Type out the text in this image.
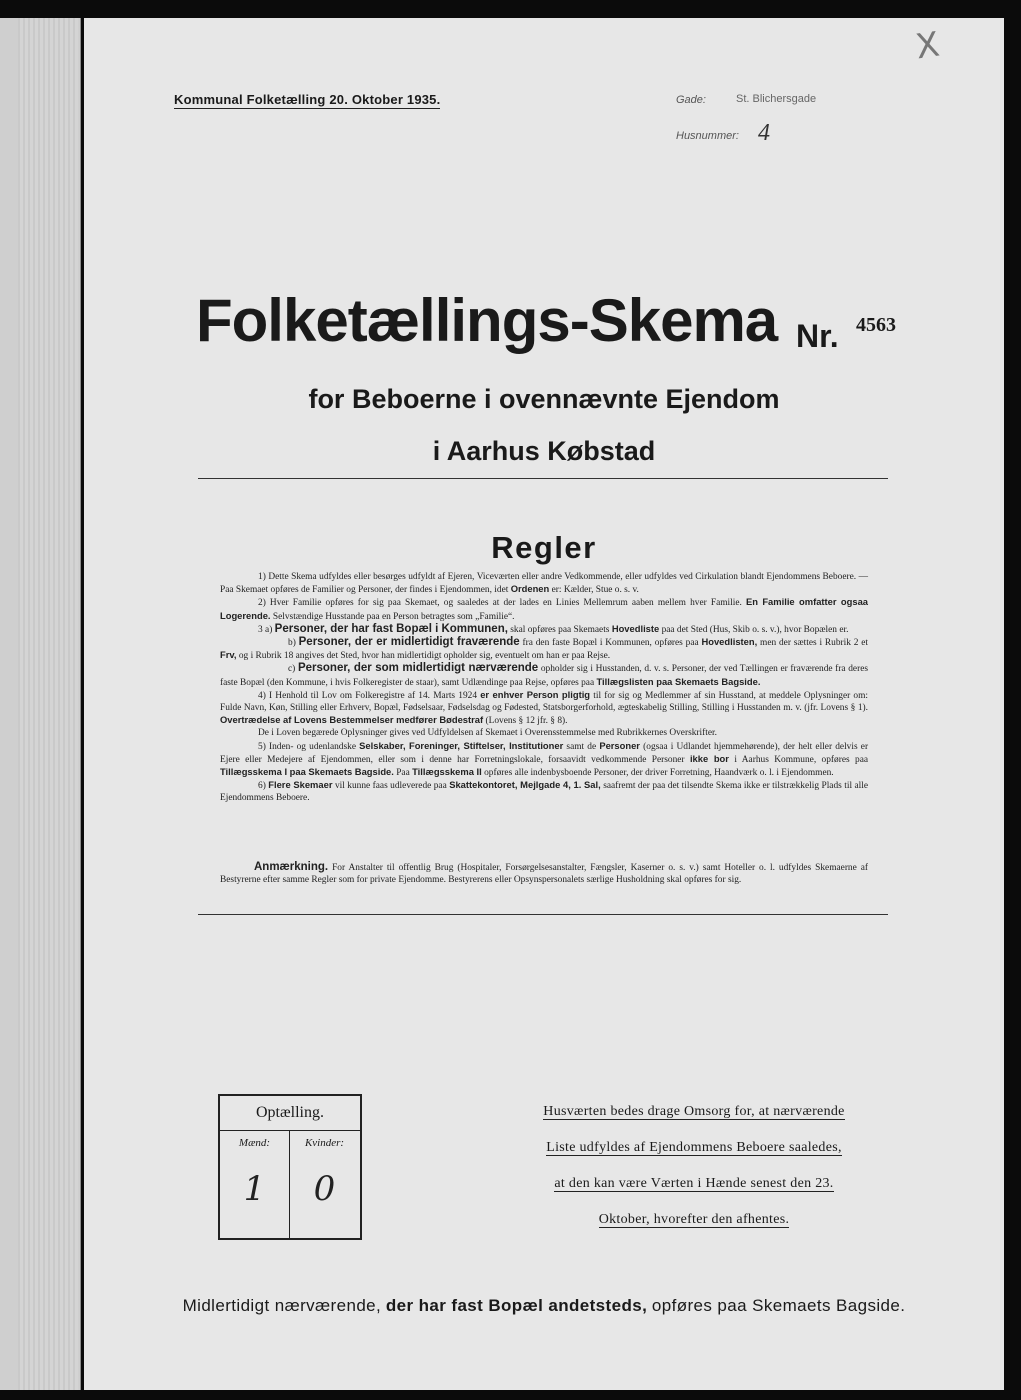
Kommunal Folketælling 20. Oktober 1935.	Gade:	St. Blichersgade
Husnummer: 4
X
Folketællings-Skema Nr. 4563
for Beboerne i ovennævnte Ejendom
i Aarhus Købstad
Regler

1) Dette Skema udfyldes eller besørges udfyldt af Ejeren, Viceværten eller andre Vedkommende, eller udfyldes ved Cirkulation blandt Ejendommens Beboere. — Paa Skemaet opføres de Familier og Personer, der findes i Ejendommen, idet Ordenen er: Kælder, Stue o. s. v.

2) Hver Familie opføres for sig paa Skemaet, og saaledes at der lades en Linies Mellemrum aaben mellem hver Familie. En Familie omfatter ogsaa Logerende. Selvstændige Husstande paa en Person betragtes som „Familie“.

3 a) Personer, der har fast Bopæl i Kommunen, skal opføres paa Skemaets Hovedliste paa det Sted (Hus, Skib o. s. v.), hvor Bopælen er.

b) Personer, der er midlertidigt fraværende fra den faste Bopæl i Kommunen, opføres paa Hovedlisten, men der sættes i Rubrik 2 et Frv, og i Rubrik 18 angives det Sted, hvor han midlertidigt opholder sig, eventuelt om han er paa Rejse.

c) Personer, der som midlertidigt nærværende opholder sig i Husstanden, d. v. s. Personer, der ved Tællingen er fraværende fra deres faste Bopæl (den Kommune, i hvis Folkeregister de staar), samt Udlændinge paa Rejse, opføres paa Tillægslisten paa Skemaets Bagside.

4) I Henhold til Lov om Folkeregistre af 14. Marts 1924 er enhver Person pligtig til for sig og Medlemmer af sin Husstand, at meddele Oplysninger om: Fulde Navn, Køn, Stilling eller Erhverv, Bopæl, Fødselsaar, Fødselsdag og Fødested, Statsborgerforhold, ægteskabelig Stilling, Stilling i Husstanden m. v. (jfr. Lovens § 1). Overtrædelse af Lovens Bestemmelser medfører Bødestraf (Lovens § 12 jfr. § 8).

De i Loven begærede Oplysninger gives ved Udfyldelsen af Skemaet i Overensstemmelse med Rubrikkernes Overskrifter.

5) Inden- og udenlandske Selskaber, Foreninger, Stiftelser, Institutioner samt de Personer (ogsaa i Udlandet hjemmehørende), der helt eller delvis er Ejere eller Medejere af Ejendommen, eller som i denne har Forretningslokale, forsaavidt vedkommende Personer ikke bor i Aarhus Kommune, opføres paa Tillægsskema I paa Skemaets Bagside. Paa Tillægsskema II opføres alle indenbysboende Personer, der driver Forretning, Haandværk o. l. i Ejendommen.

6) Flere Skemaer vil kunne faas udleverede paa Skattekontoret, Mejlgade 4, 1. Sal, saafremt der paa det tilsendte Skema ikke er tilstrækkelig Plads til alle Ejendommens Beboere.

Anmærkning. For Anstalter til offentlig Brug (Hospitaler, Forsørgelsesanstalter, Fængsler, Kaserner o. s. v.) samt Hoteller o. l. udfyldes Skemaerne af Bestyrerne efter samme Regler som for private Ejendomme. Bestyrerens eller Opsynspersonalets særlige Husholdning skal opføres for sig.

Optælling.
Mænd:
1
Kvinder:
0
Husværten bedes drage Omsorg for, at nærværende
Liste udfyldes af Ejendommens Beboere saaledes,
at den kan være Værten i Hænde senest den 23.
Oktober, hvorefter den afhentes.
Midlertidigt nærværende, der har fast Bopæl andetsteds, opføres paa Skemaets Bagside.
